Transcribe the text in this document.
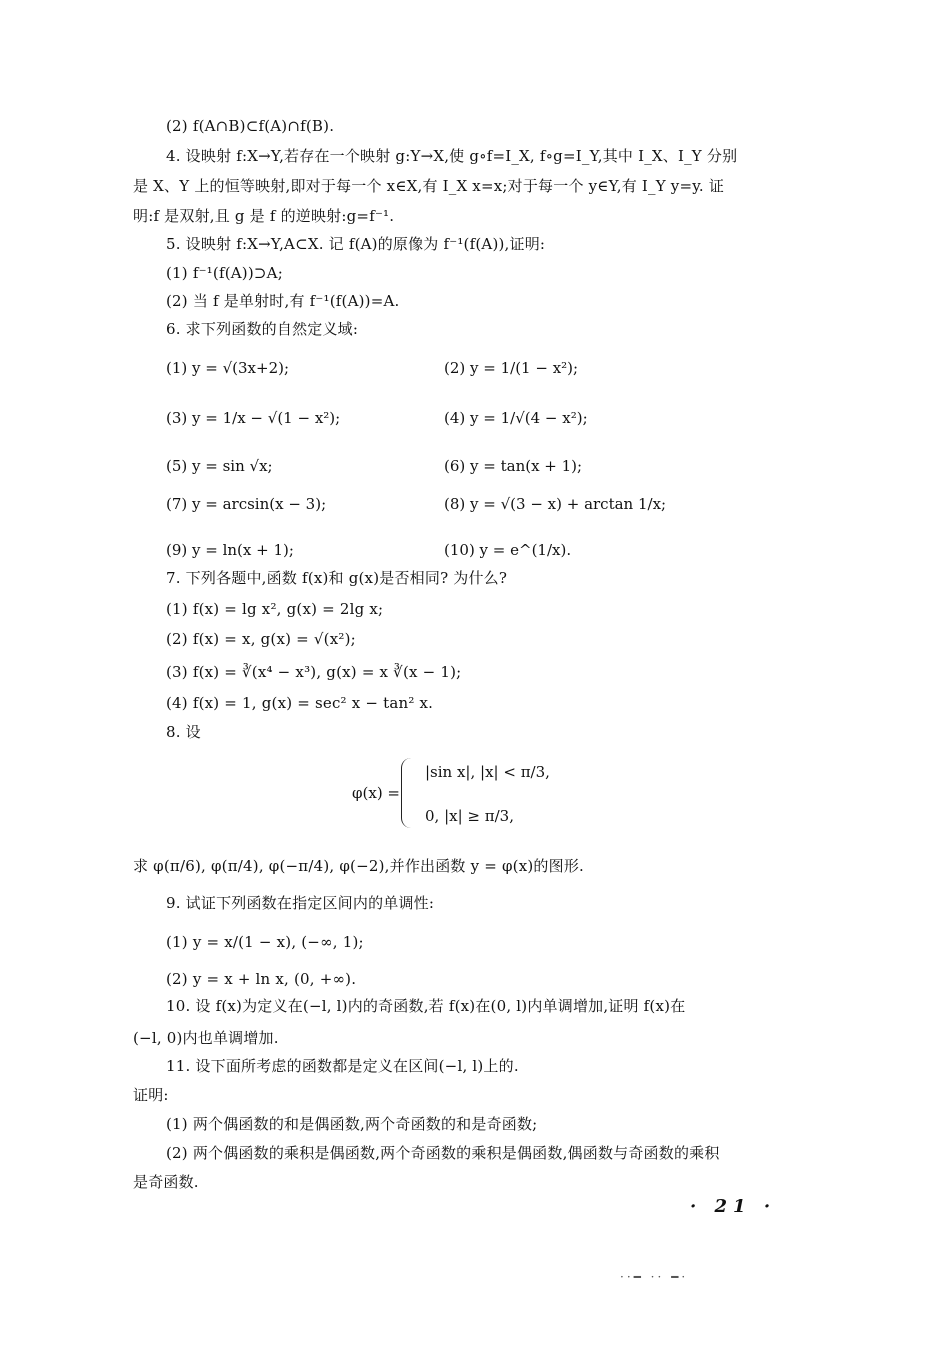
(2) f(A∩B)⊂f(A)∩f(B).
4. 设映射 f:X→Y,若存在一个映射 g:Y→X,使 g∘f=I_X, f∘g=I_Y,其中 I_X、I_Y 分别
是 X、Y 上的恒等映射,即对于每一个 x∈X,有 I_X x=x;对于每一个 y∈Y,有 I_Y y=y. 证
明:f 是双射,且 g 是 f 的逆映射:g=f⁻¹.
5. 设映射 f:X→Y,A⊂X. 记 f(A)的原像为 f⁻¹(f(A)),证明:
(1) f⁻¹(f(A))⊃A;
(2) 当 f 是单射时,有 f⁻¹(f(A))=A.
6. 求下列函数的自然定义域:
(1) y = √(3x+2);	(2) y = 1/(1 − x²);
(3) y = 1/x − √(1 − x²);	(4) y = 1/√(4 − x²);
(5) y = sin √x;	(6) y = tan(x + 1);
(7) y = arcsin(x − 3);	(8) y = √(3 − x) + arctan 1/x;
(9) y = ln(x + 1);	(10) y = e^(1/x).
7. 下列各题中,函数 f(x)和 g(x)是否相同? 为什么?
(1) f(x) = lg x², g(x) = 2lg x;
(2) f(x) = x, g(x) = √(x²);
(3) f(x) = ∛(x⁴ − x³), g(x) = x ∛(x − 1);
(4) f(x) = 1, g(x) = sec² x − tan² x.
8. 设
φ(x) =
|sin x|, |x| < π/3,
0, |x| ≥ π/3,
求 φ(π/6), φ(π/4), φ(−π/4), φ(−2),并作出函数 y = φ(x)的图形.
9. 试证下列函数在指定区间内的单调性:
(1) y = x/(1 − x), (−∞, 1);
(2) y = x + ln x, (0, +∞).
10. 设 f(x)为定义在(−l, l)内的奇函数,若 f(x)在(0, l)内单调增加,证明 f(x)在
(−l, 0)内也单调增加.
11. 设下面所考虑的函数都是定义在区间(−l, l)上的.
证明:
(1) 两个偶函数的和是偶函数,两个奇函数的和是奇函数;
(2) 两个偶函数的乘积是偶函数,两个奇函数的乘积是偶函数,偶函数与奇函数的乘积
是奇函数.
· 21 ·
··━ ·· ━·
